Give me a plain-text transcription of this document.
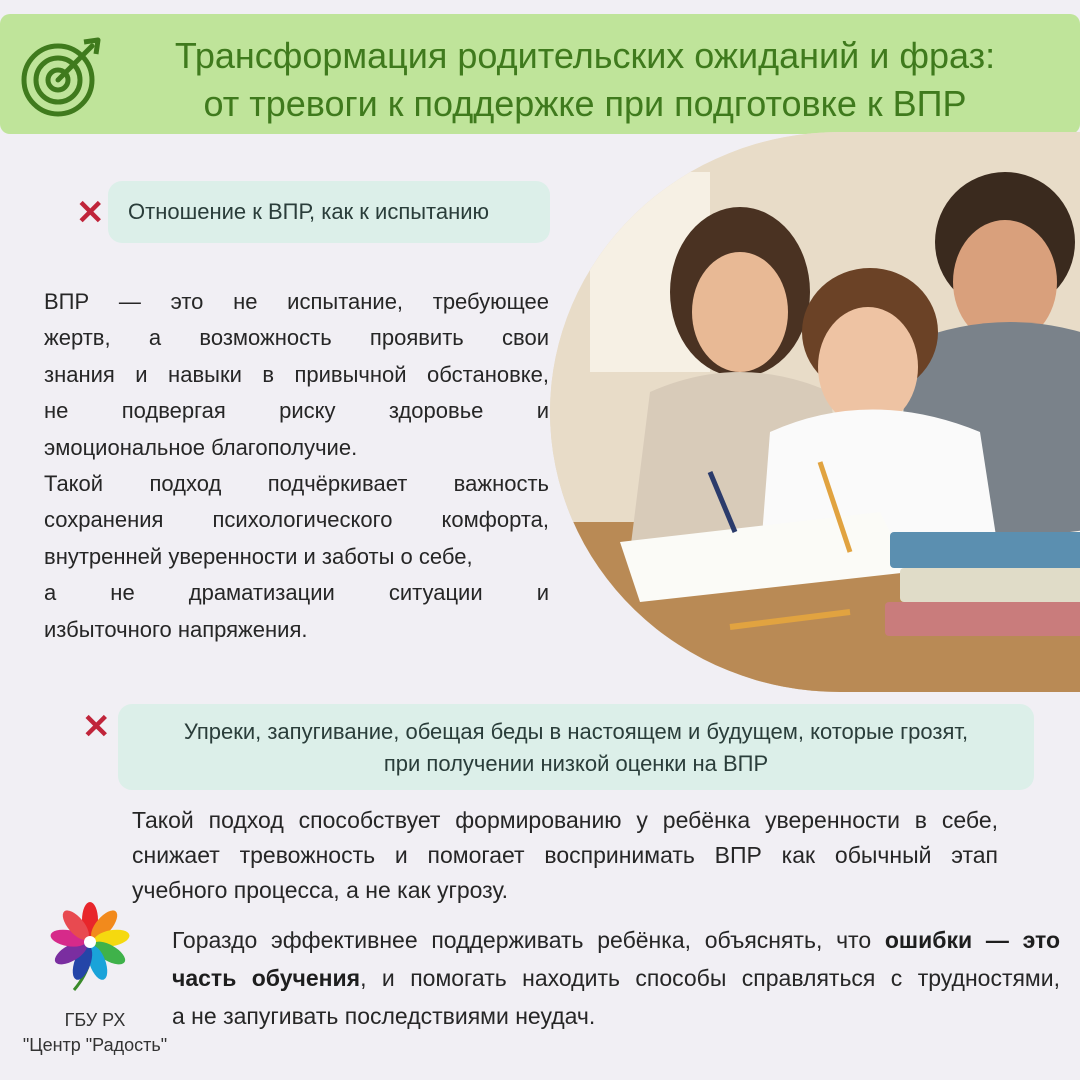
Трансформация родительских ожиданий и фраз:
от тревоги к поддержке при подготовке к ВПР
✕	Отношение к ВПР, как к испытанию
ВПР — это не испытание, требующее
жертв, а возможность проявить свои
знания и навыки в привычной обстановке,
не подвергая риску здоровье и
эмоциональное благополучие.
Такой подход подчёркивает важность
сохранения психологического комфорта,
внутренней уверенности и заботы о себе,
а не драматизации ситуации и
избыточного напряжения.
✕	Упреки, запугивание, обещая беды в настоящем и будущем, которые грозят,
при получении низкой оценки на ВПР
Такой подход способствует формированию у ребёнка уверенности в себе,
снижает тревожность и помогает воспринимать ВПР как обычный этап
учебного процесса, а не как угрозу.
ГБУ РХ
"Центр "Радость"
Гораздо эффективнее поддерживать ребёнка, объяснять, что ошибки — это
часть обучения, и помогать находить способы справляться с трудностями,
а не запугивать последствиями неудач.
